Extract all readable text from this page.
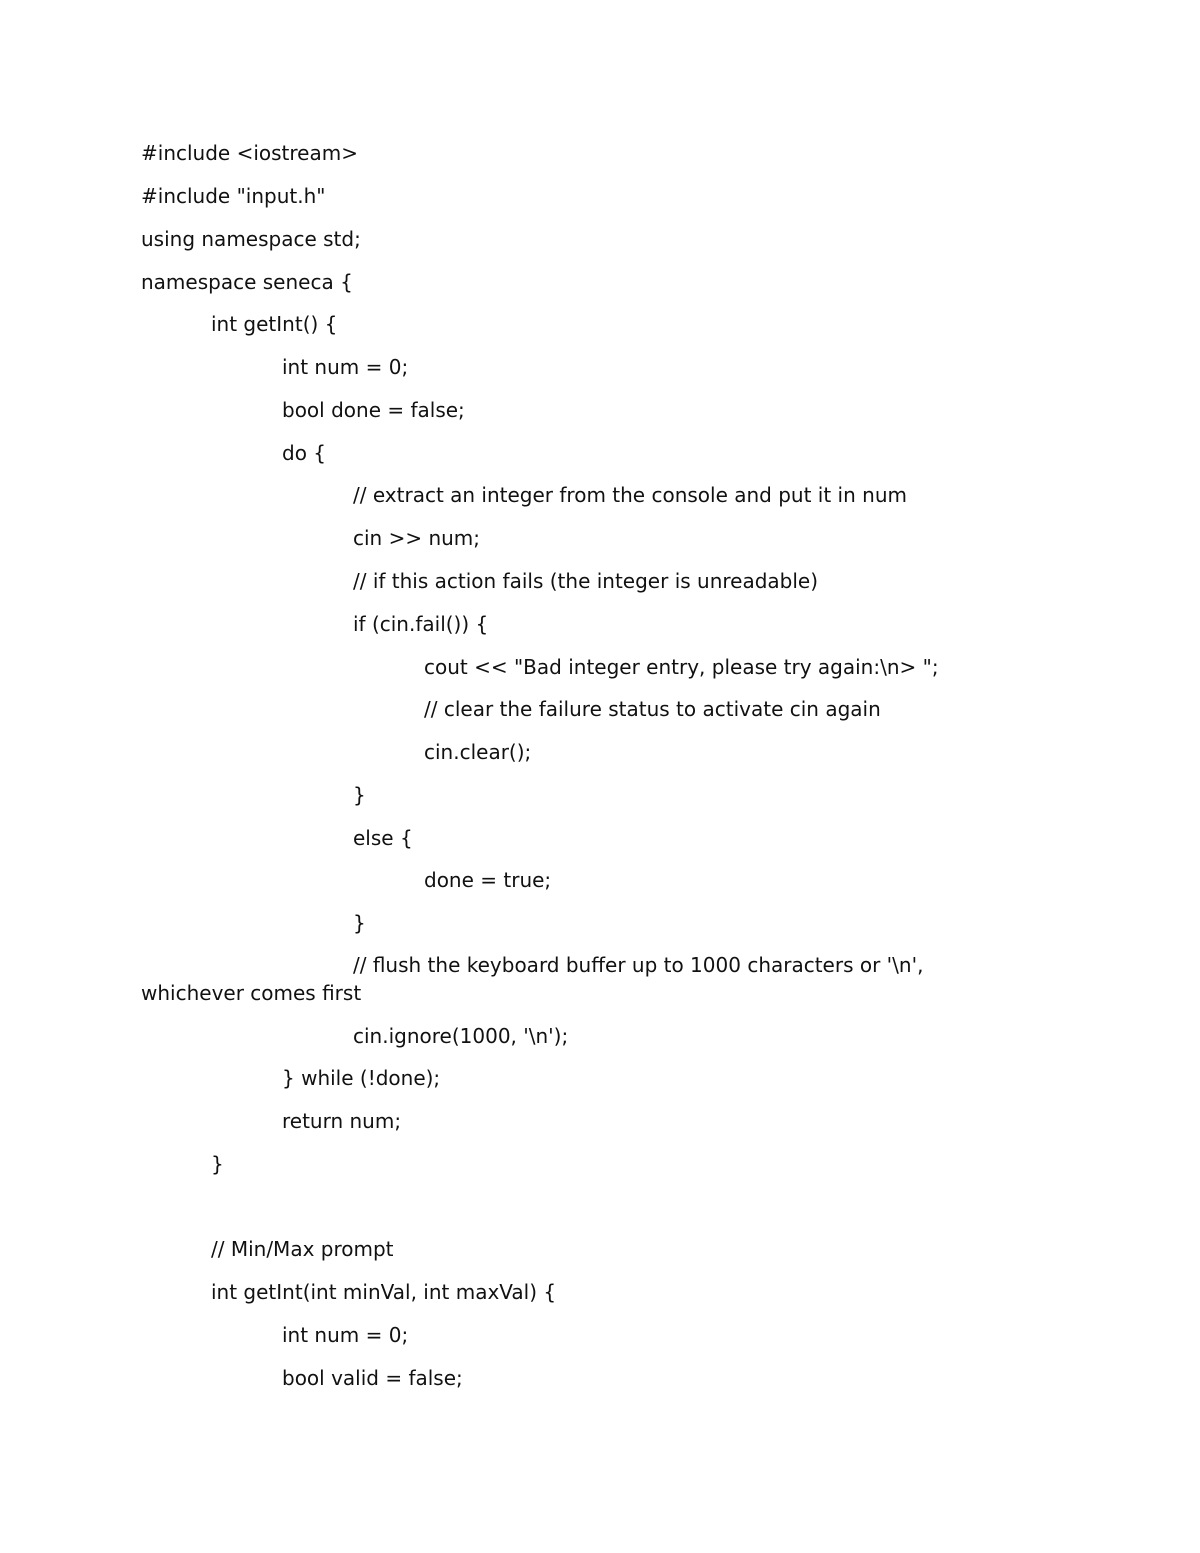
#include <iostream>
#include "input.h"
using namespace std;
namespace seneca {
int getInt() {
int num = 0;
bool done = false;
do {
// extract an integer from the console and put it in num
cin >> num;
// if this action fails (the integer is unreadable)
if (cin.fail()) {
cout << "Bad integer entry, please try again:\n> ";
// clear the failure status to activate cin again
cin.clear();
}
else {
done = true;
}
// flush the keyboard buffer up to 1000 characters or '\n',
whichever comes first
cin.ignore(1000, '\n');
} while (!done);
return num;
}
// Min/Max prompt
int getInt(int minVal, int maxVal) {
int num = 0;
bool valid = false;
